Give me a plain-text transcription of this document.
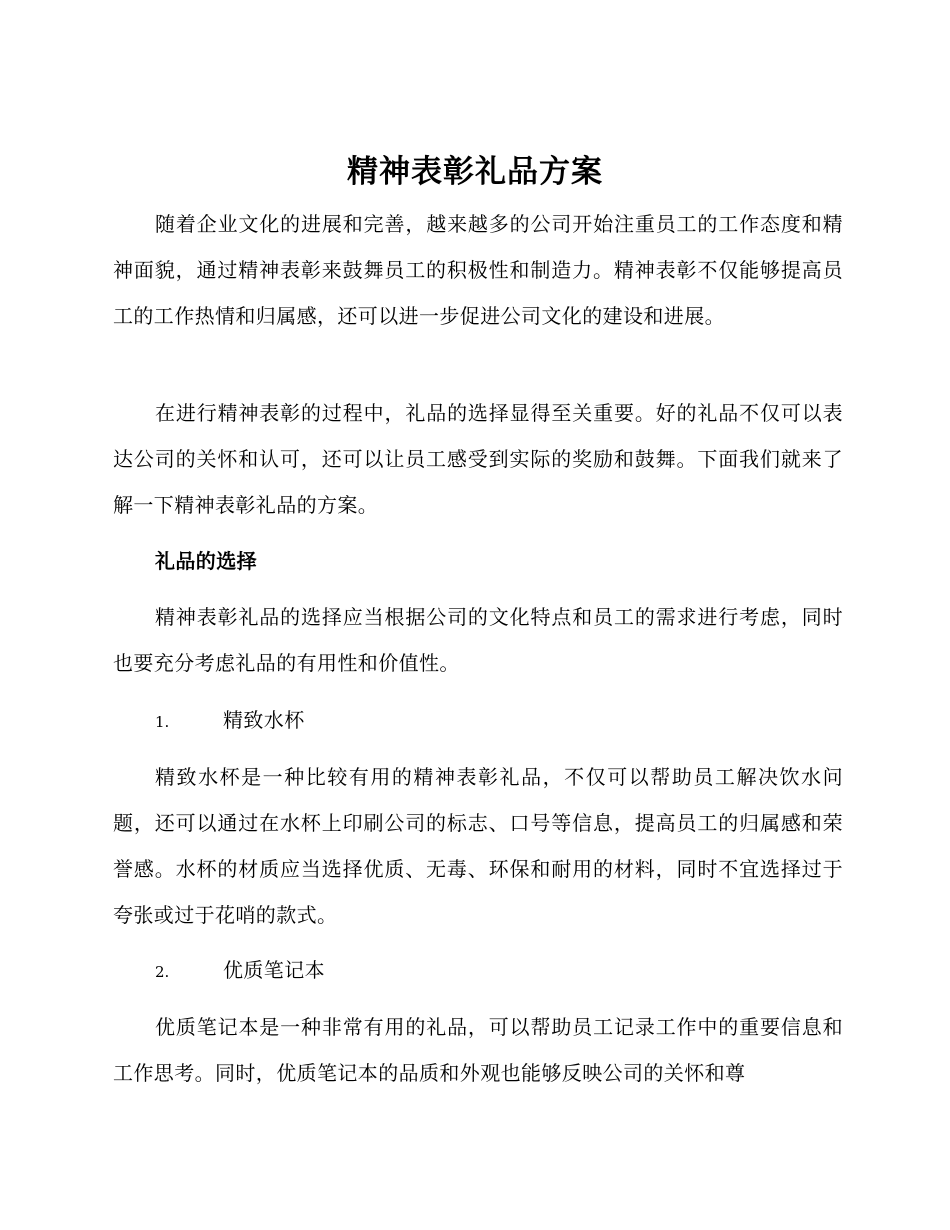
精神表彰礼品方案

随着企业文化的进展和完善，越来越多的公司开始注重员工的工作态度和精神面貌，通过精神表彰来鼓舞员工的积极性和制造力。精神表彰不仅能够提高员工的工作热情和归属感，还可以进一步促进公司文化的建设和进展。

在进行精神表彰的过程中，礼品的选择显得至关重要。好的礼品不仅可以表达公司的关怀和认可，还可以让员工感受到实际的奖励和鼓舞。下面我们就来了解一下精神表彰礼品的方案。

礼品的选择

精神表彰礼品的选择应当根据公司的文化特点和员工的需求进行考虑，同时也要充分考虑礼品的有用性和价值性。

1.	精致水杯

精致水杯是一种比较有用的精神表彰礼品，不仅可以帮助员工解决饮水问题，还可以通过在水杯上印刷公司的标志、口号等信息，提高员工的归属感和荣誉感。水杯的材质应当选择优质、无毒、环保和耐用的材料，同时不宜选择过于夸张或过于花哨的款式。

2.	优质笔记本

优质笔记本是一种非常有用的礼品，可以帮助员工记录工作中的重要信息和工作思考。同时，优质笔记本的品质和外观也能够反映公司的关怀和尊
